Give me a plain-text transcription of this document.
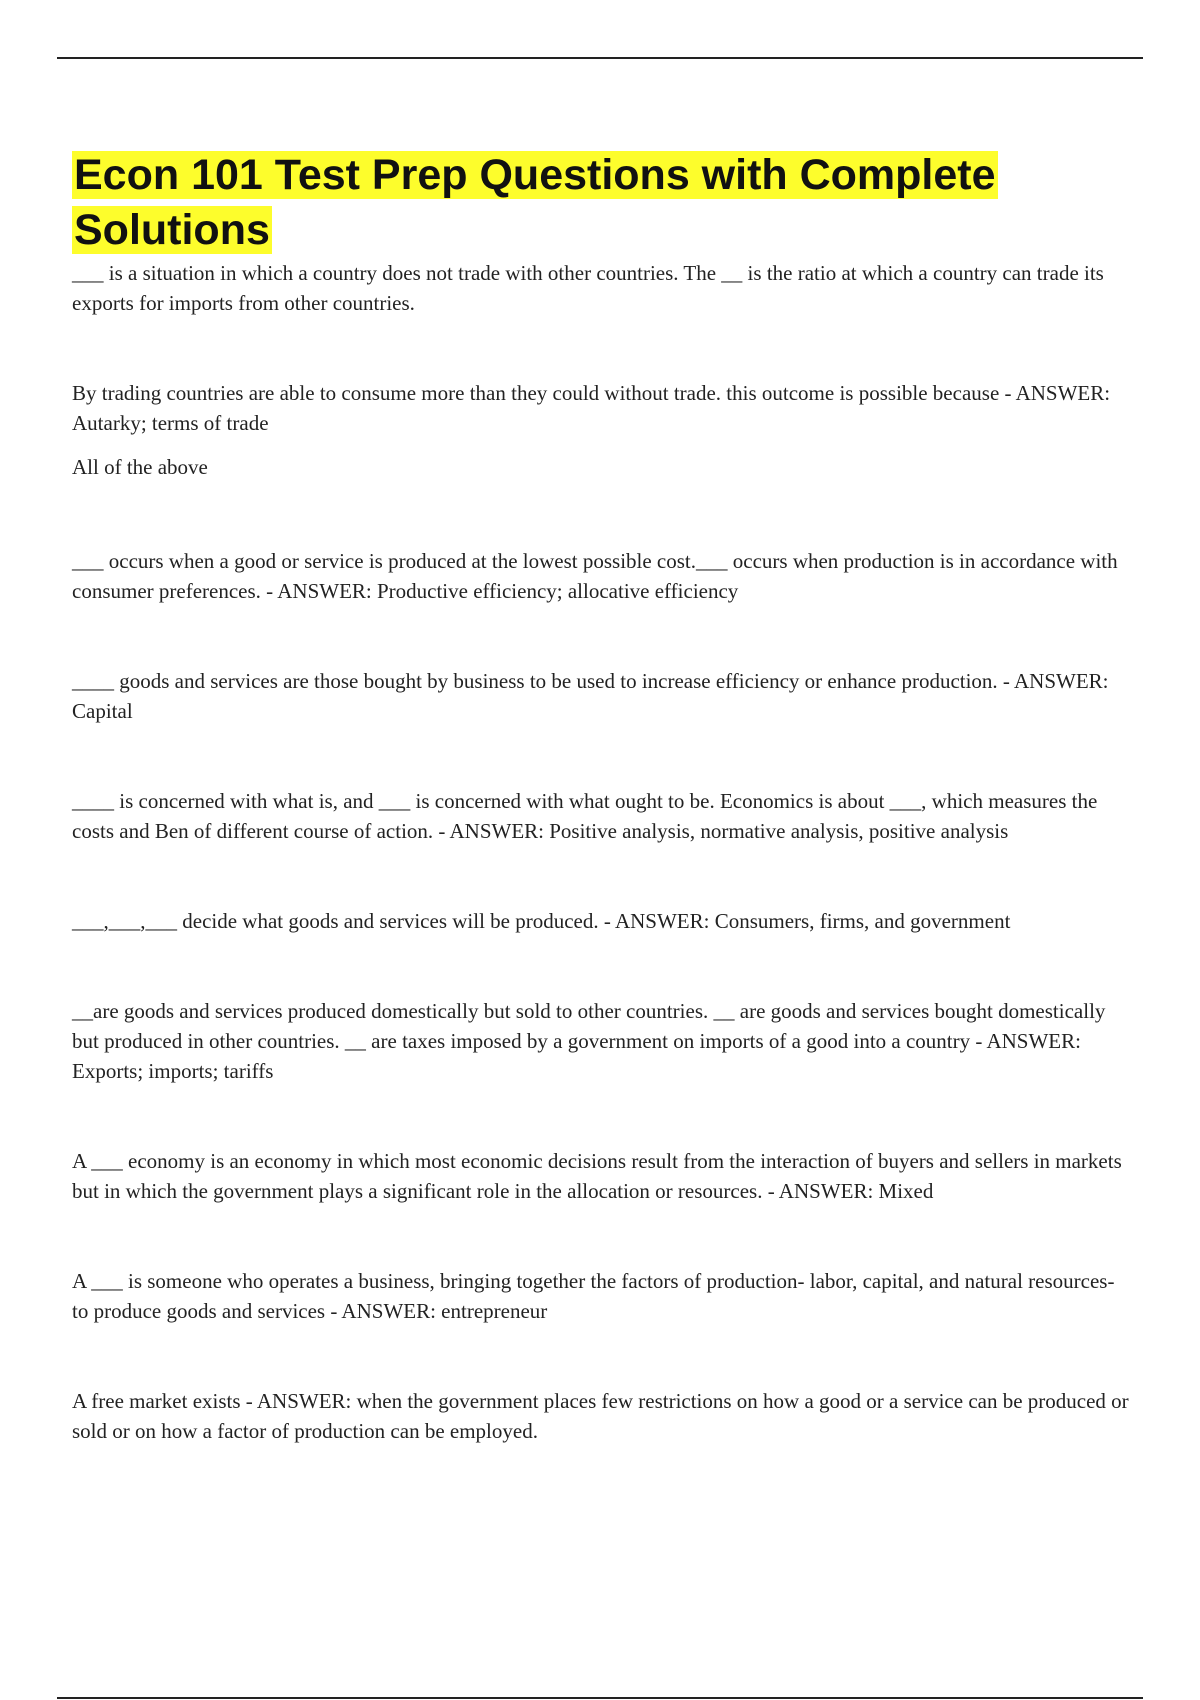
Econ 101 Test Prep Questions with Complete Solutions

___ is a situation in which a country does not trade with other countries. The __ is the ratio at which a country can trade its exports for imports from other countries.

By trading countries are able to consume more than they could without trade. this outcome is possible because - ANSWER: Autarky; terms of trade

All of the above

___ occurs when a good or service is produced at the lowest possible cost.___ occurs when production is in accordance with consumer preferences. - ANSWER: Productive efficiency; allocative efficiency

____ goods and services are those bought by business to be used to increase efficiency or enhance production. - ANSWER: Capital

____ is concerned with what is, and ___ is concerned with what ought to be. Economics is about ___, which measures the costs and Ben of different course of action. - ANSWER: Positive analysis, normative analysis, positive analysis

___,___,___ decide what goods and services will be produced. - ANSWER: Consumers, firms, and government

__are goods and services produced domestically but sold to other countries. __ are goods and services bought domestically but produced in other countries. __ are taxes imposed by a government on imports of a good into a country - ANSWER: Exports; imports; tariffs

A ___ economy is an economy in which most economic decisions result from the interaction of buyers and sellers in markets but in which the government plays a significant role in the allocation or resources. - ANSWER: Mixed

A ___ is someone who operates a business, bringing together the factors of production- labor, capital, and natural resources- to produce goods and services - ANSWER: entrepreneur

A free market exists - ANSWER: when the government places few restrictions on how a good or a service can be produced or sold or on how a factor of production can be employed.
